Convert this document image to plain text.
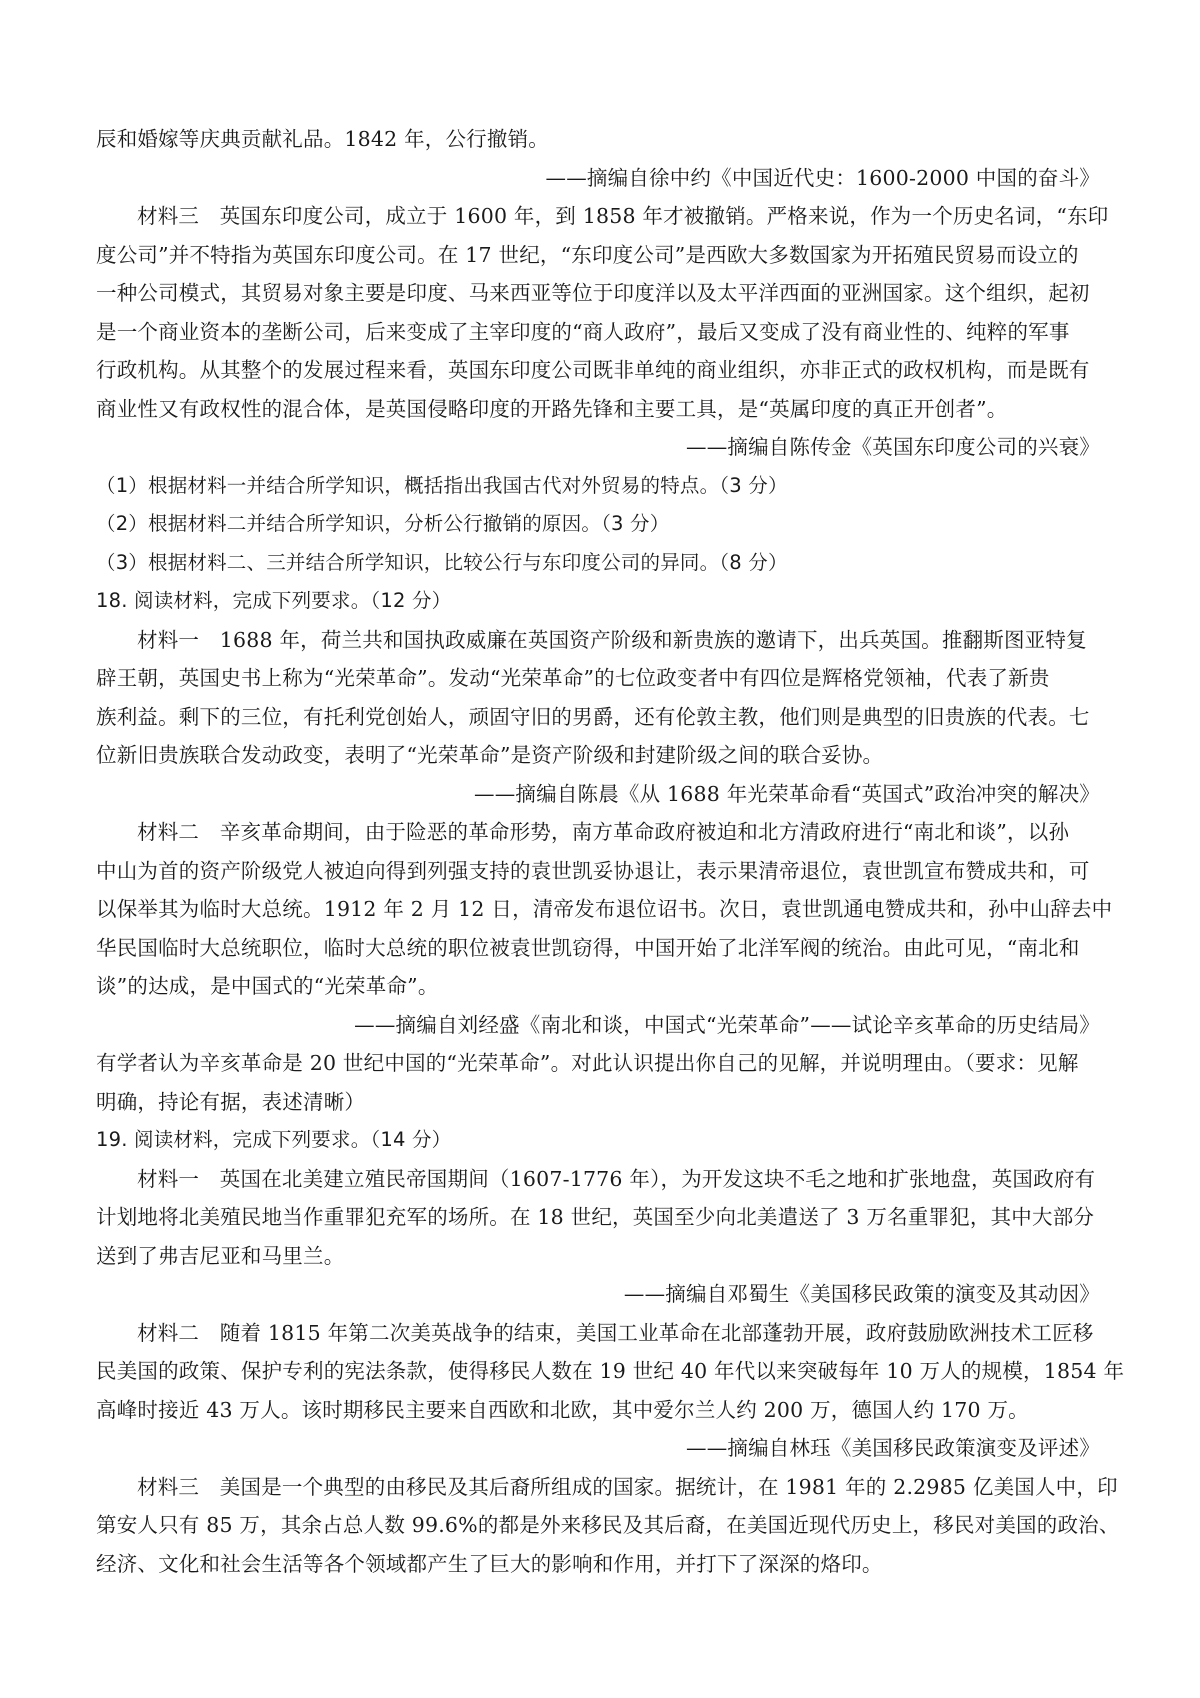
辰和婚嫁等庆典贡献礼品。1842 年，公行撤销。
——摘编自徐中约《中国近代史：1600-2000 中国的奋斗》
材料三　英国东印度公司，成立于 1600 年，到 1858 年才被撤销。严格来说，作为一个历史名词，“东印
度公司”并不特指为英国东印度公司。在 17 世纪，“东印度公司”是西欧大多数国家为开拓殖民贸易而设立的
一种公司模式，其贸易对象主要是印度、马来西亚等位于印度洋以及太平洋西面的亚洲国家。这个组织，起初
是一个商业资本的垄断公司，后来变成了主宰印度的“商人政府”，最后又变成了没有商业性的、纯粹的军事
行政机构。从其整个的发展过程来看，英国东印度公司既非单纯的商业组织，亦非正式的政权机构，而是既有
商业性又有政权性的混合体，是英国侵略印度的开路先锋和主要工具，是“英属印度的真正开创者”。
——摘编自陈传金《英国东印度公司的兴衰》
（1）根据材料一并结合所学知识，概括指出我国古代对外贸易的特点。（3 分）
（2）根据材料二并结合所学知识，分析公行撤销的原因。（3 分）
（3）根据材料二、三并结合所学知识，比较公行与东印度公司的异同。（8 分）
18. 阅读材料，完成下列要求。（12 分）
材料一　1688 年，荷兰共和国执政威廉在英国资产阶级和新贵族的邀请下，出兵英国。推翻斯图亚特复
辟王朝，英国史书上称为“光荣革命”。发动“光荣革命”的七位政变者中有四位是辉格党领袖，代表了新贵
族利益。剩下的三位，有托利党创始人，顽固守旧的男爵，还有伦敦主教，他们则是典型的旧贵族的代表。七
位新旧贵族联合发动政变，表明了“光荣革命”是资产阶级和封建阶级之间的联合妥协。
——摘编自陈晨《从 1688 年光荣革命看“英国式”政治冲突的解决》
材料二　辛亥革命期间，由于险恶的革命形势，南方革命政府被迫和北方清政府进行“南北和谈”，以孙
中山为首的资产阶级党人被迫向得到列强支持的袁世凯妥协退让，表示果清帝退位，袁世凯宣布赞成共和，可
以保举其为临时大总统。1912 年 2 月 12 日，清帝发布退位诏书。次日，袁世凯通电赞成共和，孙中山辞去中
华民国临时大总统职位，临时大总统的职位被袁世凯窃得，中国开始了北洋军阀的统治。由此可见，“南北和
谈”的达成，是中国式的“光荣革命”。
——摘编自刘经盛《南北和谈，中国式“光荣革命”——试论辛亥革命的历史结局》
有学者认为辛亥革命是 20 世纪中国的“光荣革命”。对此认识提出你自己的见解，并说明理由。（要求：见解
明确，持论有据，表述清晰）
19. 阅读材料，完成下列要求。（14 分）
材料一　英国在北美建立殖民帝国期间（1607-1776 年），为开发这块不毛之地和扩张地盘，英国政府有
计划地将北美殖民地当作重罪犯充军的场所。在 18 世纪，英国至少向北美遣送了 3 万名重罪犯，其中大部分
送到了弗吉尼亚和马里兰。
——摘编自邓蜀生《美国移民政策的演变及其动因》
材料二　随着 1815 年第二次美英战争的结束，美国工业革命在北部蓬勃开展，政府鼓励欧洲技术工匠移
民美国的政策、保护专利的宪法条款，使得移民人数在 19 世纪 40 年代以来突破每年 10 万人的规模，1854 年
高峰时接近 43 万人。该时期移民主要来自西欧和北欧，其中爱尔兰人约 200 万，德国人约 170 万。
——摘编自林珏《美国移民政策演变及评述》
材料三　美国是一个典型的由移民及其后裔所组成的国家。据统计，在 1981 年的 2.2985 亿美国人中，印
第安人只有 85 万，其余占总人数 99.6%的都是外来移民及其后裔，在美国近现代历史上，移民对美国的政治、
经济、文化和社会生活等各个领域都产生了巨大的影响和作用，并打下了深深的烙印。
